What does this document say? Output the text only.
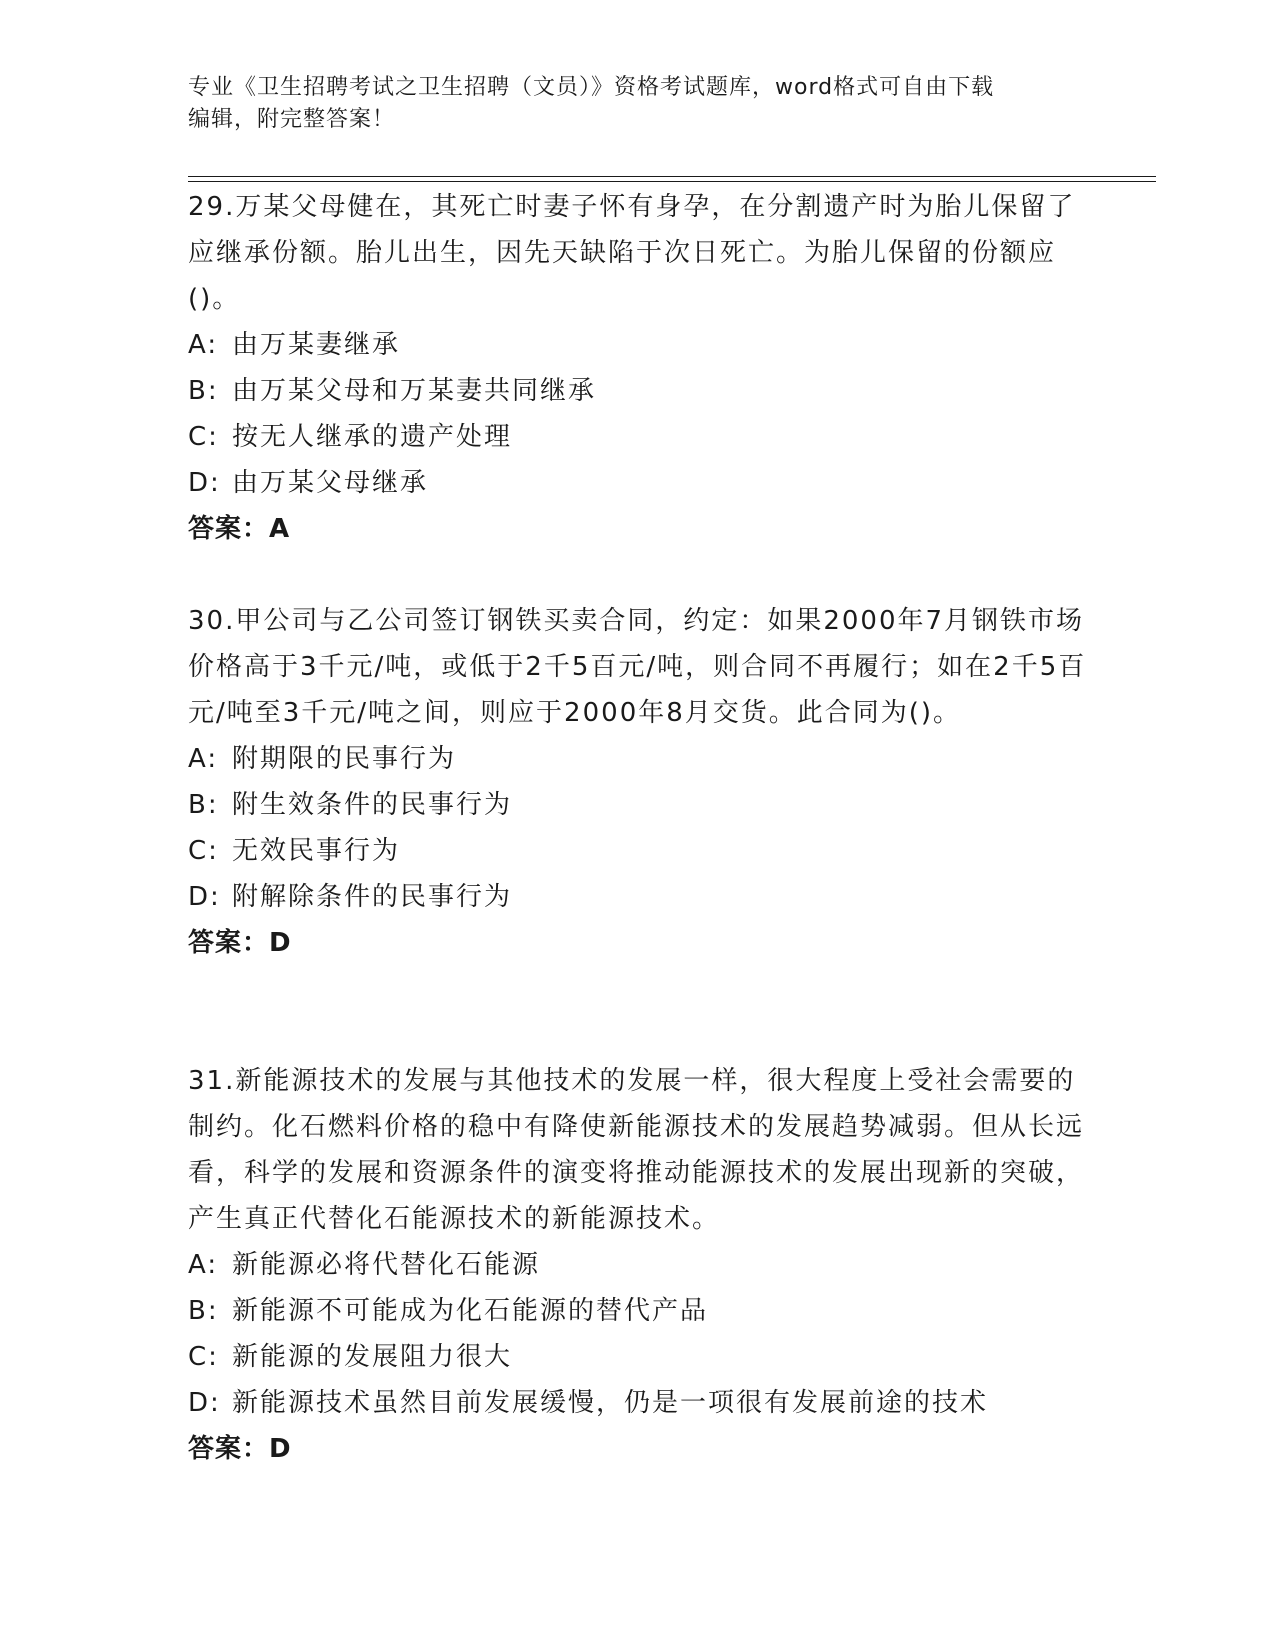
专业《卫生招聘考试之卫生招聘（文员）》资格考试题库，word格式可自由下载
编辑，附完整答案！

29.万某父母健在，其死亡时妻子怀有身孕，在分割遗产时为胎儿保留了应继承份额。胎儿出生，因先天缺陷于次日死亡。为胎儿保留的份额应()。

A: 由万某妻继承

B: 由万某父母和万某妻共同继承

C: 按无人继承的遗产处理

D: 由万某父母继承

答案：A

30.甲公司与乙公司签订钢铁买卖合同，约定：如果2000年7月钢铁市场价格高于3千元/吨，或低于2千5百元/吨，则合同不再履行；如在2千5百元/吨至3千元/吨之间，则应于2000年8月交货。此合同为()。

A: 附期限的民事行为

B: 附生效条件的民事行为

C: 无效民事行为

D: 附解除条件的民事行为

答案：D

31.新能源技术的发展与其他技术的发展一样，很大程度上受社会需要的制约。化石燃料价格的稳中有降使新能源技术的发展趋势减弱。但从长远看，科学的发展和资源条件的演变将推动能源技术的发展出现新的突破，产生真正代替化石能源技术的新能源技术。

A: 新能源必将代替化石能源

B: 新能源不可能成为化石能源的替代产品

C: 新能源的发展阻力很大

D: 新能源技术虽然目前发展缓慢，仍是一项很有发展前途的技术

答案：D
